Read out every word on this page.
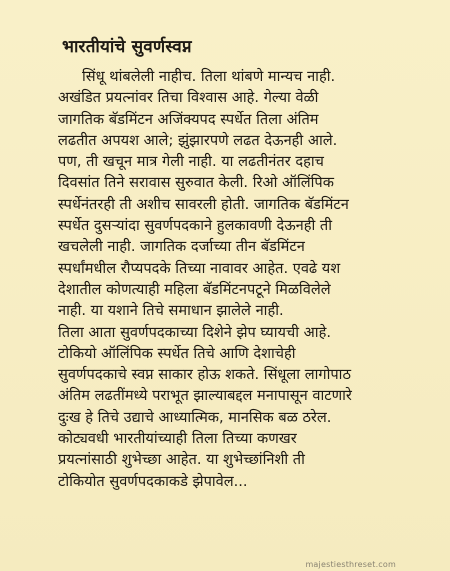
भारतीयांचे सुवर्णस्वप्न
सिंधू थांबलेली नाहीच. तिला थांबणे मान्यच नाही.
अखंडित प्रयत्नांवर तिचा विश्वास आहे. गेल्या वेळी
जागतिक बॅडमिंटन अजिंक्यपद स्पर्धेत तिला अंतिम
लढतीत अपयश आले; झुंझारपणे लढत देऊनही आले.
पण, ती खचून मात्र गेली नाही. या लढतीनंतर दहाच
दिवसांत तिने सरावास सुरुवात केली. रिओ ऑलिंपिक
स्पर्धेनंतरही ती अशीच सावरली होती. जागतिक बॅडमिंटन
स्पर्धेत दुसऱ्यांदा सुवर्णपदकाने हुलकावणी देऊनही ती
खचलेली नाही. जागतिक दर्जाच्या तीन बॅडमिंटन
स्पर्धांमधील रौप्यपदके तिच्या नावावर आहेत. एवढे यश
देशातील कोणत्याही महिला बॅडमिंटनपटूने मिळविलेले
नाही. या यशाने तिचे समाधान झालेले नाही.
तिला आता सुवर्णपदकाच्या दिशेने झेप घ्यायची आहे.
टोकियो ऑलिंपिक स्पर्धेत तिचे आणि देशाचेही
सुवर्णपदकाचे स्वप्न साकार होऊ शकते. सिंधूला लागोपाठ
अंतिम लढतींमध्ये पराभूत झाल्याबद्दल मनापासून वाटणारे
दुःख हे तिचे उद्याचे आध्यात्मिक, मानसिक बळ ठरेल.
कोट्यवधी भारतीयांच्याही तिला तिच्या कणखर
प्रयत्नांसाठी शुभेच्छा आहेत. या शुभेच्छांनिशी ती
टोकियोत सुवर्णपदकाकडे झेपावेल...
majestiesthreset.com
